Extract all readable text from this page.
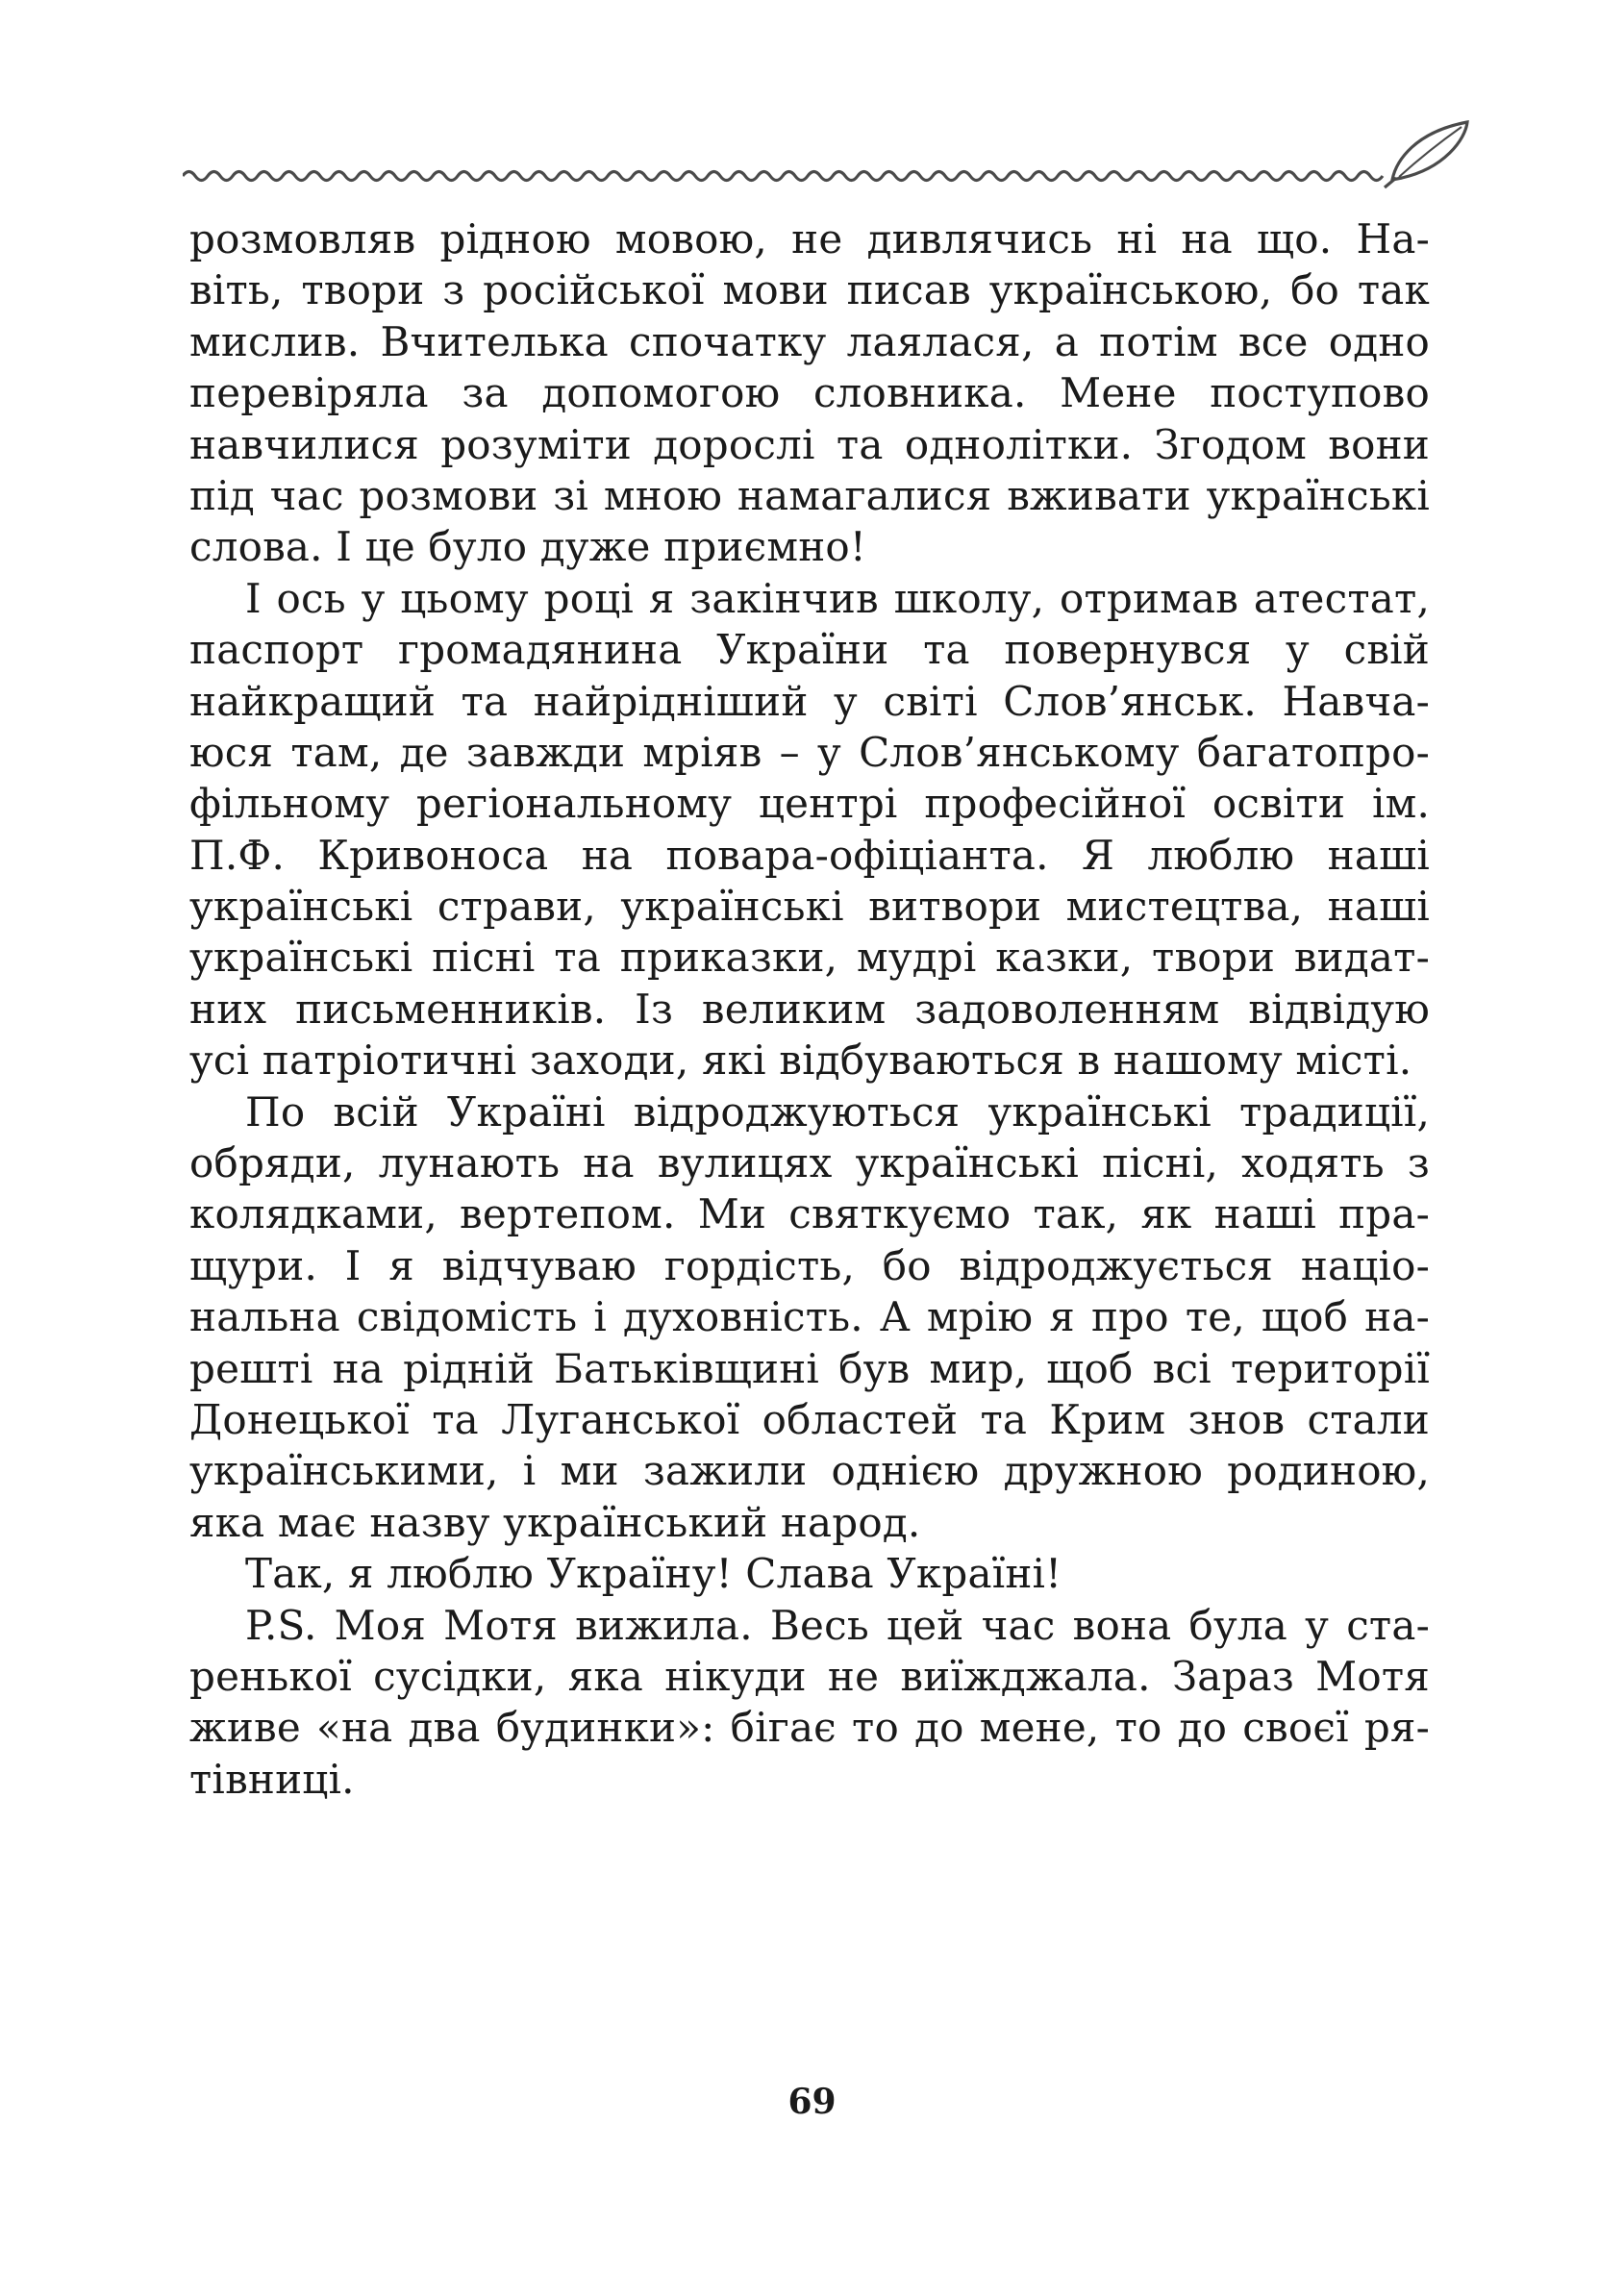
розмовляв рідною мовою, не дивлячись ні на що. На-
віть, твори з російської мови писав українською, бо так
мислив. Вчителька спочатку лаялася, а потім все одно
перевіряла за допомогою словника. Мене поступово
навчилися розуміти дорослі та однолітки. Згодом вони
під час розмови зі мною намагалися вживати українські
слова. І це було дуже приємно!
І ось у цьому році я закінчив школу, отримав атестат,
паспорт громадянина України та повернувся у свій
найкращий та найрідніший у світі Слов’янськ. Навча-
юся там, де завжди мріяв – у Слов’янському багатопро-
фільному регіональному центрі професійної освіти ім.
П.Ф. Кривоноса на повара-офіціанта. Я люблю наші
українські страви, українські витвори мистецтва, наші
українські пісні та приказки, мудрі казки, твори видат-
них письменників. Із великим задоволенням відвідую
усі патріотичні заходи, які відбуваються в нашому місті.
По всій Україні відроджуються українські традиції,
обряди, лунають на вулицях українські пісні, ходять з
колядками, вертепом. Ми святкуємо так, як наші пра-
щури. І я відчуваю гордість, бо відроджується націо-
нальна свідомість і духовність. А мрію я про те, щоб на-
решті на рідній Батьківщині був мир, щоб всі території
Донецької та Луганської областей та Крим знов стали
українськими, і ми зажили однією дружною родиною,
яка має назву український народ.
Так, я люблю Україну! Слава Україні!
P.S. Моя Мотя вижила. Весь цей час вона була у ста-
ренької сусідки, яка нікуди не виїжджала. Зараз Мотя
живе «на два будинки»: бігає то до мене, то до своєї ря-
тівниці.
69
